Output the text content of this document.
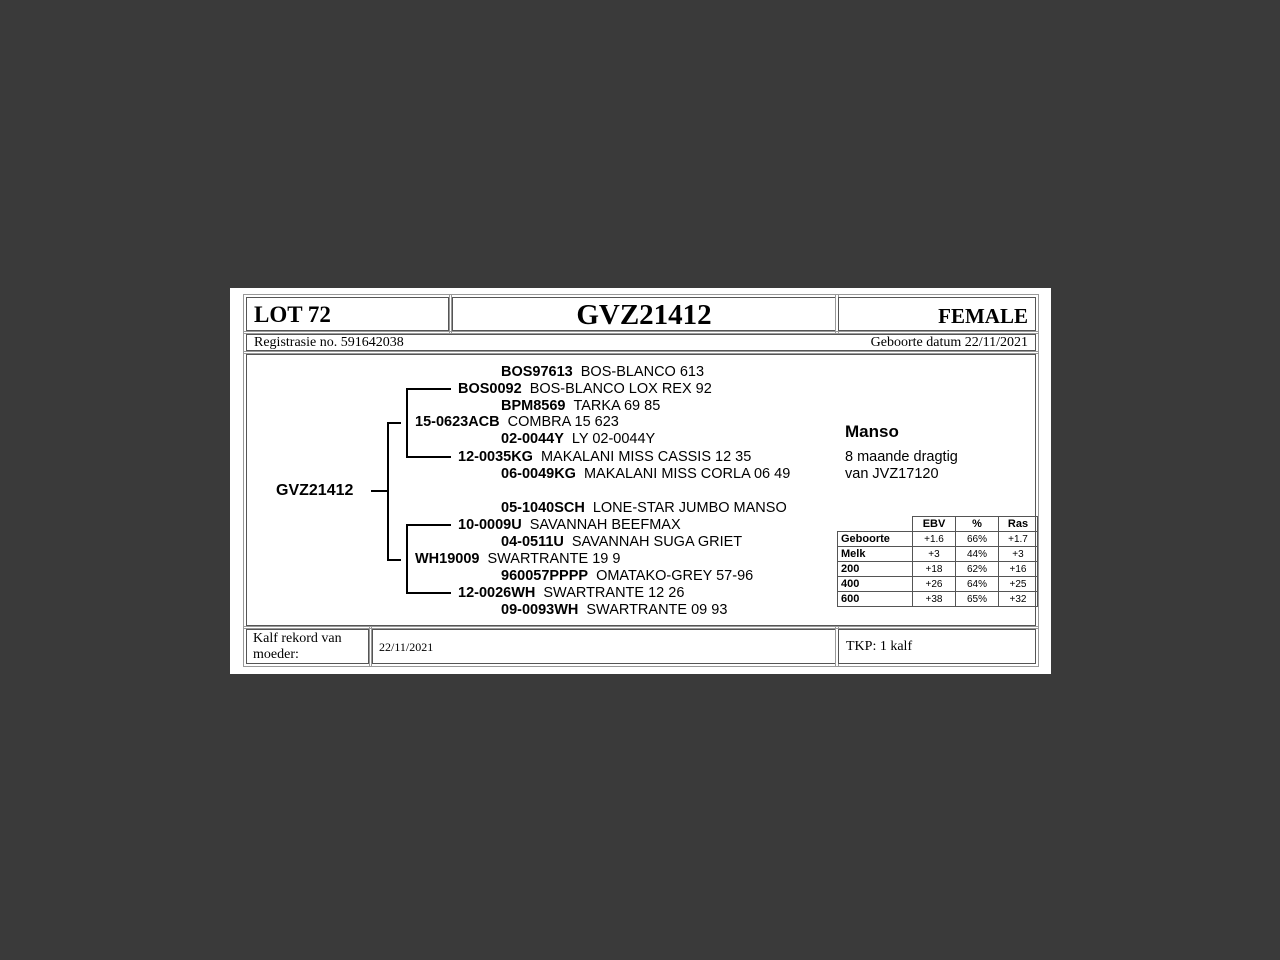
LOT 72	GVZ21412	FEMALE
Registrasie no. 591642038	Geboorte datum 22/11/2021
GVZ21412
BOS97613 BOS-BLANCO 613
BOS0092 BOS-BLANCO LOX REX 92
BPM8569 TARKA 69 85
15-0623ACB COMBRA 15 623
02-0044Y LY 02-0044Y
12-0035KG MAKALANI MISS CASSIS 12 35
06-0049KG MAKALANI MISS CORLA 06 49
05-1040SCH LONE-STAR JUMBO MANSO
10-0009U SAVANNAH BEEFMAX
04-0511U SAVANNAH SUGA GRIET
WH19009 SWARTRANTE 19 9
960057PPPP OMATAKO-GREY 57-96
12-0026WH SWARTRANTE 12 26
09-0093WH SWARTRANTE 09 93
Manso
8 maande dragtig
van JVZ17120
	EBV	%	Ras
Geboorte	+1.6	66%	+1.7
Melk	+3	44%	+3
200	+18	62%	+16
400	+26	64%	+25
600	+38	65%	+32
Kalf rekord van moeder:	22/11/2021	TKP: 1 kalf
